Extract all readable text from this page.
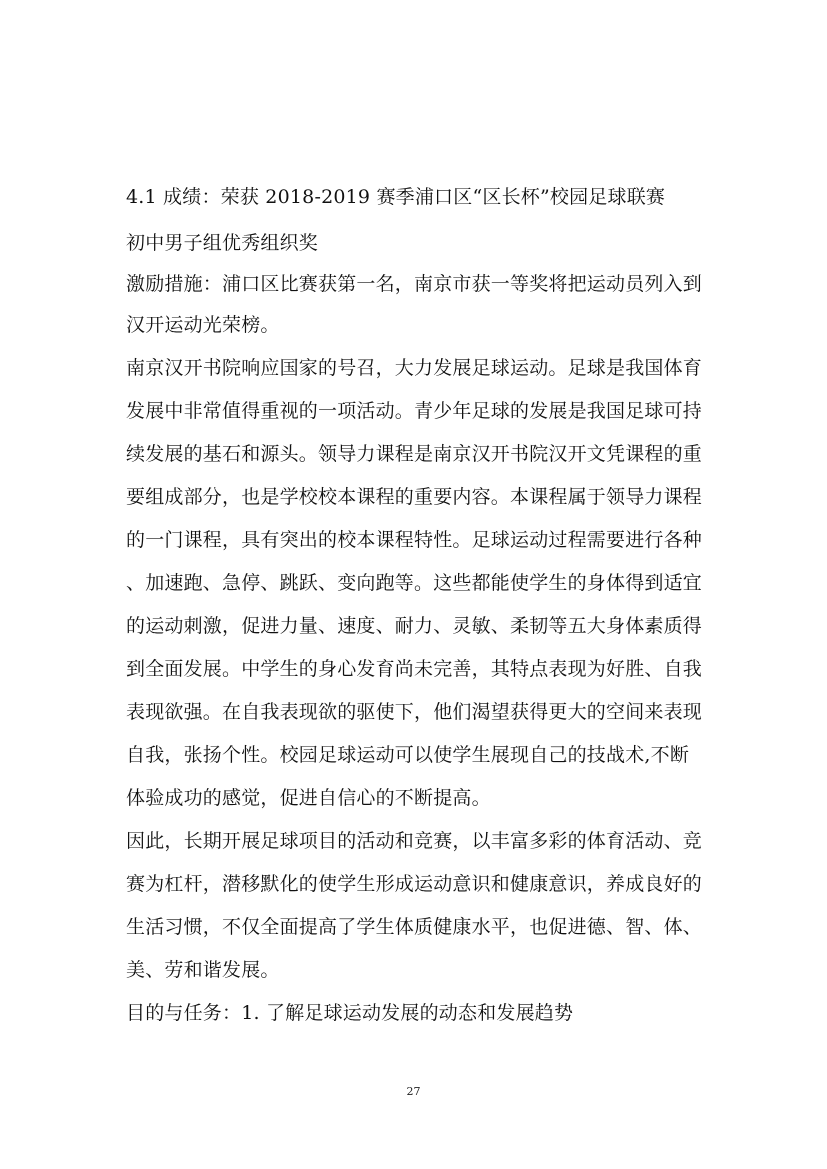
4.1 成绩：荣获 2018-2019 赛季浦口区“区长杯”校园足球联赛
初中男子组优秀组织奖
激励措施：浦口区比赛获第一名，南京市获一等奖将把运动员列入到
汉开运动光荣榜。
南京汉开书院响应国家的号召，大力发展足球运动。足球是我国体育
发展中非常值得重视的一项活动。青少年足球的发展是我国足球可持
续发展的基石和源头。领导力课程是南京汉开书院汉开文凭课程的重
要组成部分，也是学校校本课程的重要内容。本课程属于领导力课程
的一门课程，具有突出的校本课程特性。足球运动过程需要进行各种
、加速跑、急停、跳跃、变向跑等。这些都能使学生的身体得到适宜
的运动刺激，促进力量、速度、耐力、灵敏、柔韧等五大身体素质得
到全面发展。中学生的身心发育尚未完善，其特点表现为好胜、自我
表现欲强。在自我表现欲的驱使下，他们渴望获得更大的空间来表现
自我，张扬个性。校园足球运动可以使学生展现自己的技战术,不断
体验成功的感觉，促进自信心的不断提高。
因此，长期开展足球项目的活动和竞赛，以丰富多彩的体育活动、竞
赛为杠杆，潜移默化的使学生形成运动意识和健康意识，养成良好的
生活习惯，不仅全面提高了学生体质健康水平，也促进德、智、体、
美、劳和谐发展。
目的与任务：1. 了解足球运动发展的动态和发展趋势
27
